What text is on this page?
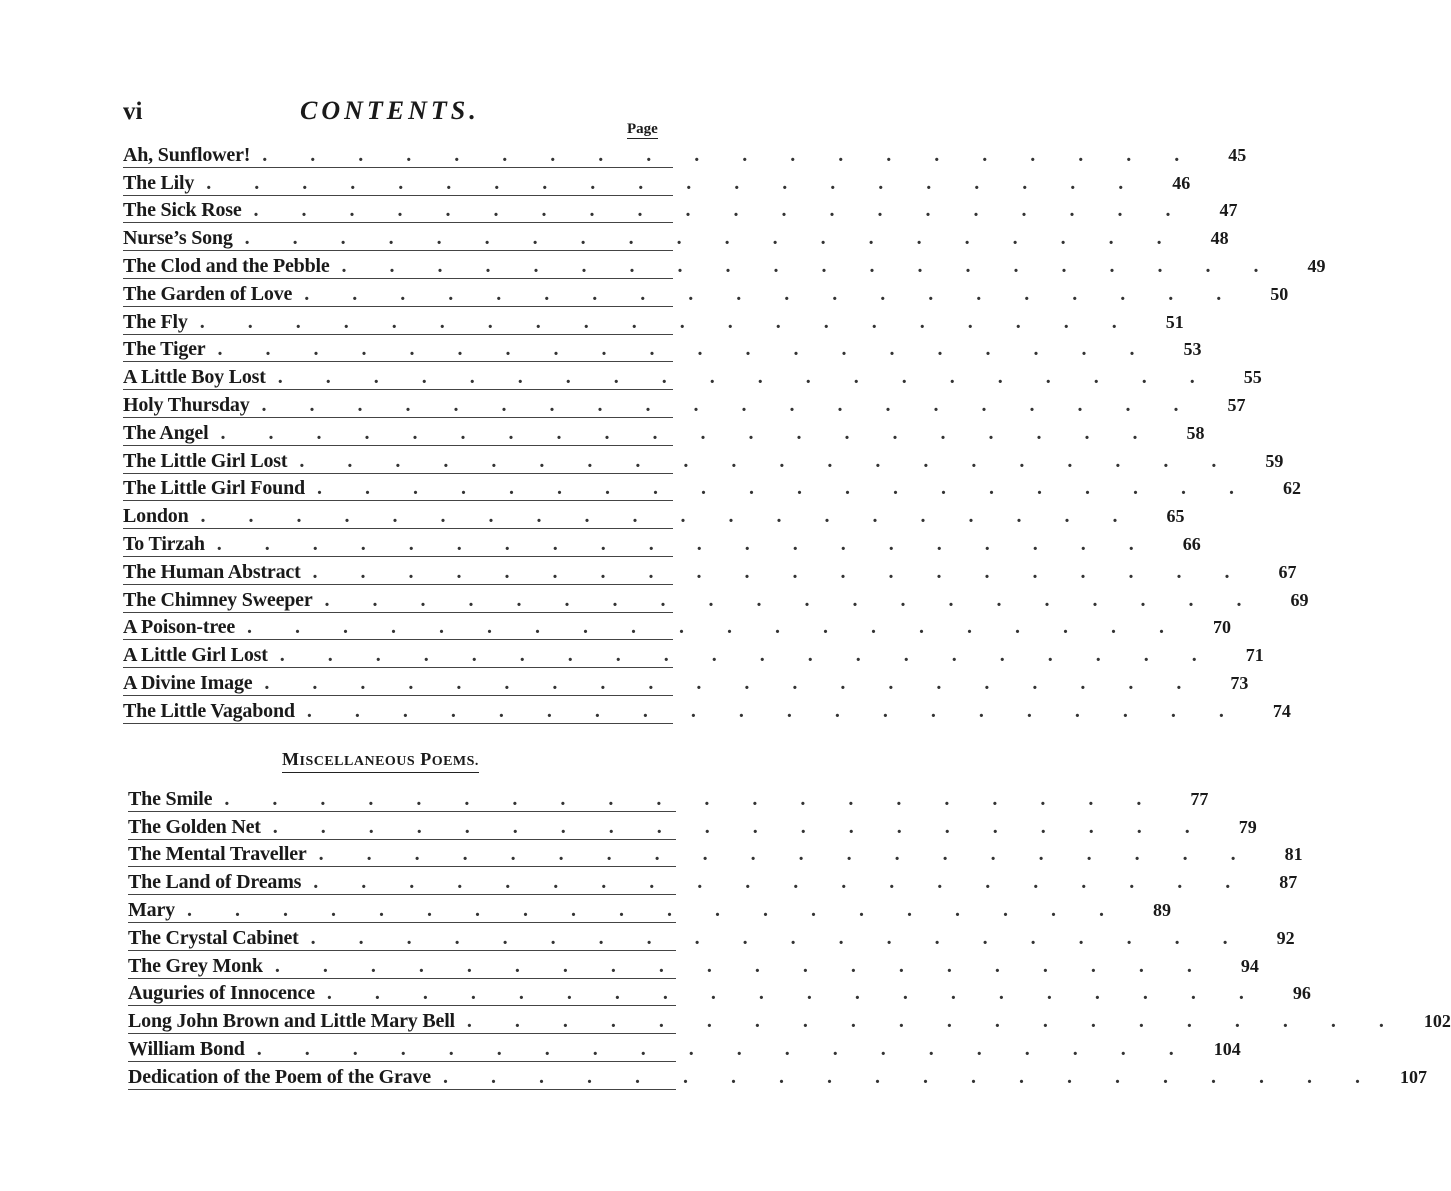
vi	CONTENTS.
Page
Ah, Sunflower! . . . . . . . . . . . . . . . . . . . .	45
The Lily . . . . . . . . . . . . . . . . . . . .	46
The Sick Rose . . . . . . . . . . . . . . . . . . . .	47
Nurse’s Song . . . . . . . . . . . . . . . . . . . .	48
The Clod and the Pebble . . . . . . . . . . . . . . . . . . . .	49
The Garden of Love . . . . . . . . . . . . . . . . . . . .	50
The Fly . . . . . . . . . . . . . . . . . . . .	51
The Tiger . . . . . . . . . . . . . . . . . . . .	53
A Little Boy Lost . . . . . . . . . . . . . . . . . . . .	55
Holy Thursday . . . . . . . . . . . . . . . . . . . .	57
The Angel . . . . . . . . . . . . . . . . . . . .	58
The Little Girl Lost . . . . . . . . . . . . . . . . . . . .	59
The Little Girl Found . . . . . . . . . . . . . . . . . . . .	62
London . . . . . . . . . . . . . . . . . . . .	65
To Tirzah . . . . . . . . . . . . . . . . . . . .	66
The Human Abstract . . . . . . . . . . . . . . . . . . . .	67
The Chimney Sweeper . . . . . . . . . . . . . . . . . . . .	69
A Poison-tree . . . . . . . . . . . . . . . . . . . .	70
A Little Girl Lost . . . . . . . . . . . . . . . . . . . .	71
A Divine Image . . . . . . . . . . . . . . . . . . . .	73
The Little Vagabond . . . . . . . . . . . . . . . . . . . .	74
MISCELLANEOUS POEMS.
The Smile . . . . . . . . . . . . . . . . . . . .	77
The Golden Net . . . . . . . . . . . . . . . . . . . .	79
The Mental Traveller . . . . . . . . . . . . . . . . . . . .	81
The Land of Dreams . . . . . . . . . . . . . . . . . . . .	87
Mary . . . . . . . . . . . . . . . . . . . .	89
The Crystal Cabinet . . . . . . . . . . . . . . . . . . . .	92
The Grey Monk . . . . . . . . . . . . . . . . . . . .	94
Auguries of Innocence . . . . . . . . . . . . . . . . . . . .	96
Long John Brown and Little Mary Bell . . . . . . . . . . . . . . . . . . . . 102
William Bond . . . . . . . . . . . . . . . . . . . . 104
Dedication of the Poem of the Grave . . . . . . . . . . . . . . . . . . . . 107
